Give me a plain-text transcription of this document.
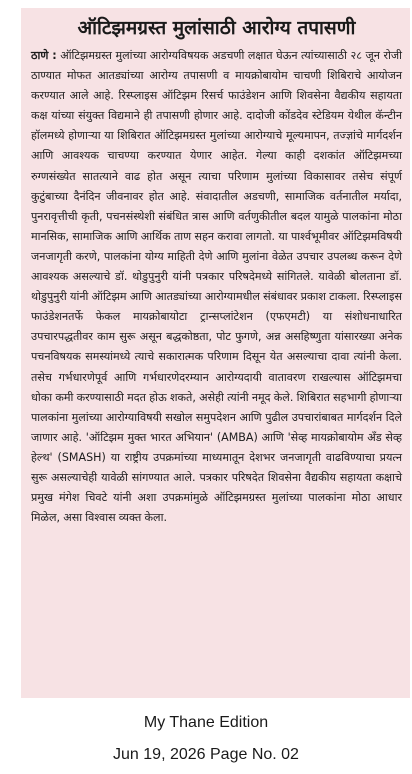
ऑटिझमग्रस्त मुलांसाठी आरोग्य तपासणी

ठाणे : ऑटिझमग्रस्त मुलांच्या आरोग्यविषयक अडचणी लक्षात घेऊन त्यांच्यासाठी २८ जून रोजी ठाण्यात मोफत आतड्यांच्या आरोग्य तपासणी व मायक्रोबायोम चाचणी शिबिराचे आयोजन करण्यात आले आहे. रिस्प्लाइस ऑटिझम रिसर्च फाउंडेशन आणि शिवसेना वैद्यकीय सहायता कक्ष यांच्या संयुक्त विद्यमाने ही तपासणी होणार आहे. दादोजी कोंडदेव स्टेडियम येथील कॅन्टीन हॉलमध्ये होणाऱ्या या शिबिरात ऑटिझमग्रस्त मुलांच्या आरोग्याचे मूल्यमापन, तज्ज्ञांचे मार्गदर्शन आणि आवश्यक चाचण्या करण्यात येणार आहेत. गेल्या काही दशकांत ऑटिझमच्या रुग्णसंख्येत सातत्याने वाढ होत असून त्याचा परिणाम मुलांच्या विकासावर तसेच संपूर्ण कुटुंबाच्या दैनंदिन जीवनावर होत आहे. संवादातील अडचणी, सामाजिक वर्तनातील मर्यादा, पुनरावृत्तीची कृती, पचनसंस्थेशी संबंधित त्रास आणि वर्तणुकीतील बदल यामुळे पालकांना मोठा मानसिक, सामाजिक आणि आर्थिक ताण सहन करावा लागतो. या पार्श्वभूमीवर ऑटिझमविषयी जनजागृती करणे, पालकांना योग्य माहिती देणे आणि मुलांना वेळेत उपचार उपलब्ध करून देणे आवश्यक असल्याचे डॉ. थोडुपुनुरी यांनी पत्रकार परिषदेमध्ये सांगितले. यावेळी बोलताना डॉ. थोडुपुनुरी यांनी ऑटिझम आणि आतड्यांच्या आरोग्यामधील संबंधावर प्रकाश टाकला. रिस्प्लाइस फाउंडेशनतर्फे फेकल मायक्रोबायोटा ट्रान्सप्लांटेशन (एफएमटी) या संशोधनाधारित उपचारपद्धतीवर काम सुरू असून बद्धकोष्ठता, पोट फुगणे, अन्न असहिष्णुता यांसारख्या अनेक पचनविषयक समस्यांमध्ये त्याचे सकारात्मक परिणाम दिसून येत असल्याचा दावा त्यांनी केला. तसेच गर्भधारणेपूर्व आणि गर्भधारणेदरम्यान आरोग्यदायी वातावरण राखल्यास ऑटिझमचा धोका कमी करण्यासाठी मदत होऊ शकते, असेही त्यांनी नमूद केले. शिबिरात सहभागी होणाऱ्या पालकांना मुलांच्या आरोग्याविषयी सखोल समुपदेशन आणि पुढील उपचारांबाबत मार्गदर्शन दिले जाणार आहे. 'ऑटिझम मुक्त भारत अभियान' (AMBA) आणि 'सेव्ह मायक्रोबायोम अँड सेव्ह हेल्थ' (SMASH) या राष्ट्रीय उपक्रमांच्या माध्यमातून देशभर जनजागृती वाढविण्याचा प्रयत्न सुरू असल्याचेही यावेळी सांगण्यात आले. पत्रकार परिषदेत शिवसेना वैद्यकीय सहायता कक्षाचे प्रमुख मंगेश चिवटे यांनी अशा उपक्रमांमुळे ऑटिझमग्रस्त मुलांच्या पालकांना मोठा आधार मिळेल, असा विश्वास व्यक्त केला.

My Thane Edition
Jun 19, 2026 Page No. 02
